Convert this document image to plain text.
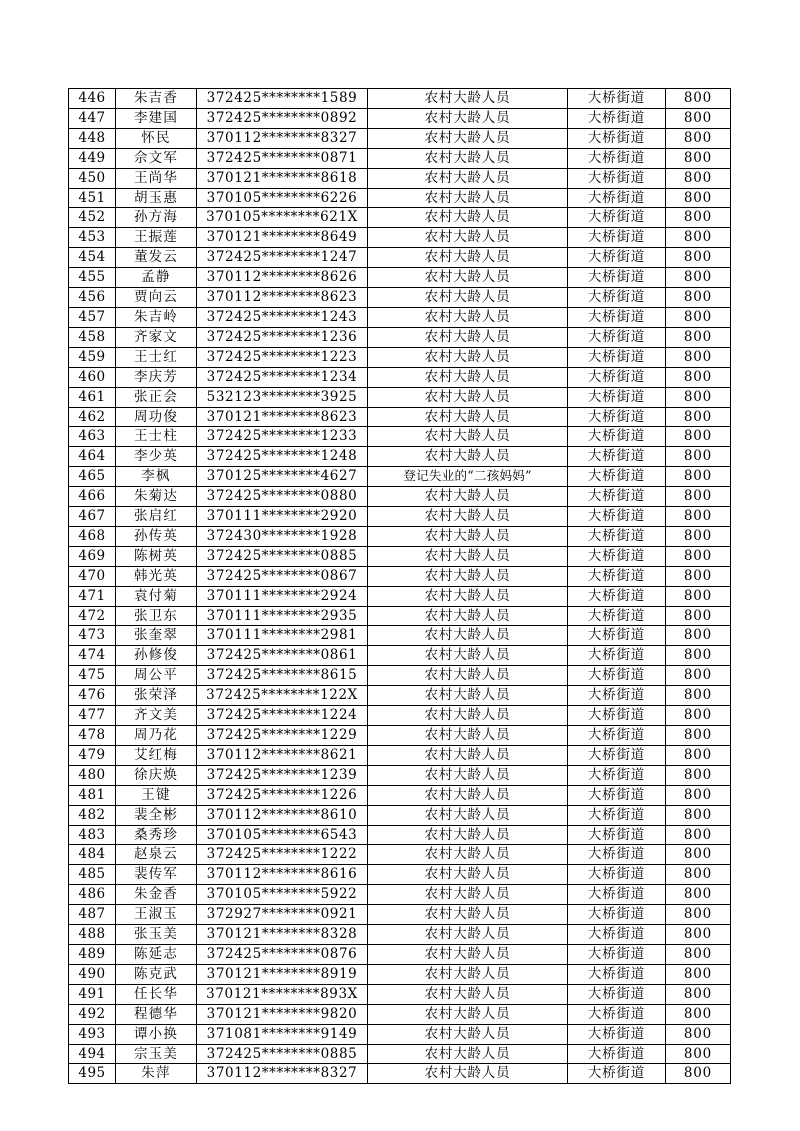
446	朱吉香	372425********1589	农村大龄人员	大桥街道	800
447	李建国	372425********0892	农村大龄人员	大桥街道	800
448	怀民	370112********8327	农村大龄人员	大桥街道	800
449	佘文军	372425********0871	农村大龄人员	大桥街道	800
450	王尚华	370121********8618	农村大龄人员	大桥街道	800
451	胡玉惠	370105********6226	农村大龄人员	大桥街道	800
452	孙方海	370105********621X	农村大龄人员	大桥街道	800
453	王振莲	370121********8649	农村大龄人员	大桥街道	800
454	董发云	372425********1247	农村大龄人员	大桥街道	800
455	孟静	370112********8626	农村大龄人员	大桥街道	800
456	贾向云	370112********8623	农村大龄人员	大桥街道	800
457	朱吉岭	372425********1243	农村大龄人员	大桥街道	800
458	齐家文	372425********1236	农村大龄人员	大桥街道	800
459	王士红	372425********1223	农村大龄人员	大桥街道	800
460	李庆芳	372425********1234	农村大龄人员	大桥街道	800
461	张正会	532123********3925	农村大龄人员	大桥街道	800
462	周功俊	370121********8623	农村大龄人员	大桥街道	800
463	王士柱	372425********1233	农村大龄人员	大桥街道	800
464	李少英	372425********1248	农村大龄人员	大桥街道	800
465	李枫	370125********4627	登记失业的“二孩妈妈”	大桥街道	800
466	朱菊达	372425********0880	农村大龄人员	大桥街道	800
467	张启红	370111********2920	农村大龄人员	大桥街道	800
468	孙传英	372430********1928	农村大龄人员	大桥街道	800
469	陈树英	372425********0885	农村大龄人员	大桥街道	800
470	韩光英	372425********0867	农村大龄人员	大桥街道	800
471	袁付菊	370111********2924	农村大龄人员	大桥街道	800
472	张卫东	370111********2935	农村大龄人员	大桥街道	800
473	张奎翠	370111********2981	农村大龄人员	大桥街道	800
474	孙修俊	372425********0861	农村大龄人员	大桥街道	800
475	周公平	372425********8615	农村大龄人员	大桥街道	800
476	张荣泽	372425********122X	农村大龄人员	大桥街道	800
477	齐文美	372425********1224	农村大龄人员	大桥街道	800
478	周乃花	372425********1229	农村大龄人员	大桥街道	800
479	艾红梅	370112********8621	农村大龄人员	大桥街道	800
480	徐庆焕	372425********1239	农村大龄人员	大桥街道	800
481	王键	372425********1226	农村大龄人员	大桥街道	800
482	裴全彬	370112********8610	农村大龄人员	大桥街道	800
483	桑秀珍	370105********6543	农村大龄人员	大桥街道	800
484	赵泉云	372425********1222	农村大龄人员	大桥街道	800
485	裴传军	370112********8616	农村大龄人员	大桥街道	800
486	朱金香	370105********5922	农村大龄人员	大桥街道	800
487	王淑玉	372927********0921	农村大龄人员	大桥街道	800
488	张玉美	370121********8328	农村大龄人员	大桥街道	800
489	陈延志	372425********0876	农村大龄人员	大桥街道	800
490	陈克武	370121********8919	农村大龄人员	大桥街道	800
491	任长华	370121********893X	农村大龄人员	大桥街道	800
492	程德华	370121********9820	农村大龄人员	大桥街道	800
493	谭小换	371081********9149	农村大龄人员	大桥街道	800
494	宗玉美	372425********0885	农村大龄人员	大桥街道	800
495	朱萍	370112********8327	农村大龄人员	大桥街道	800
